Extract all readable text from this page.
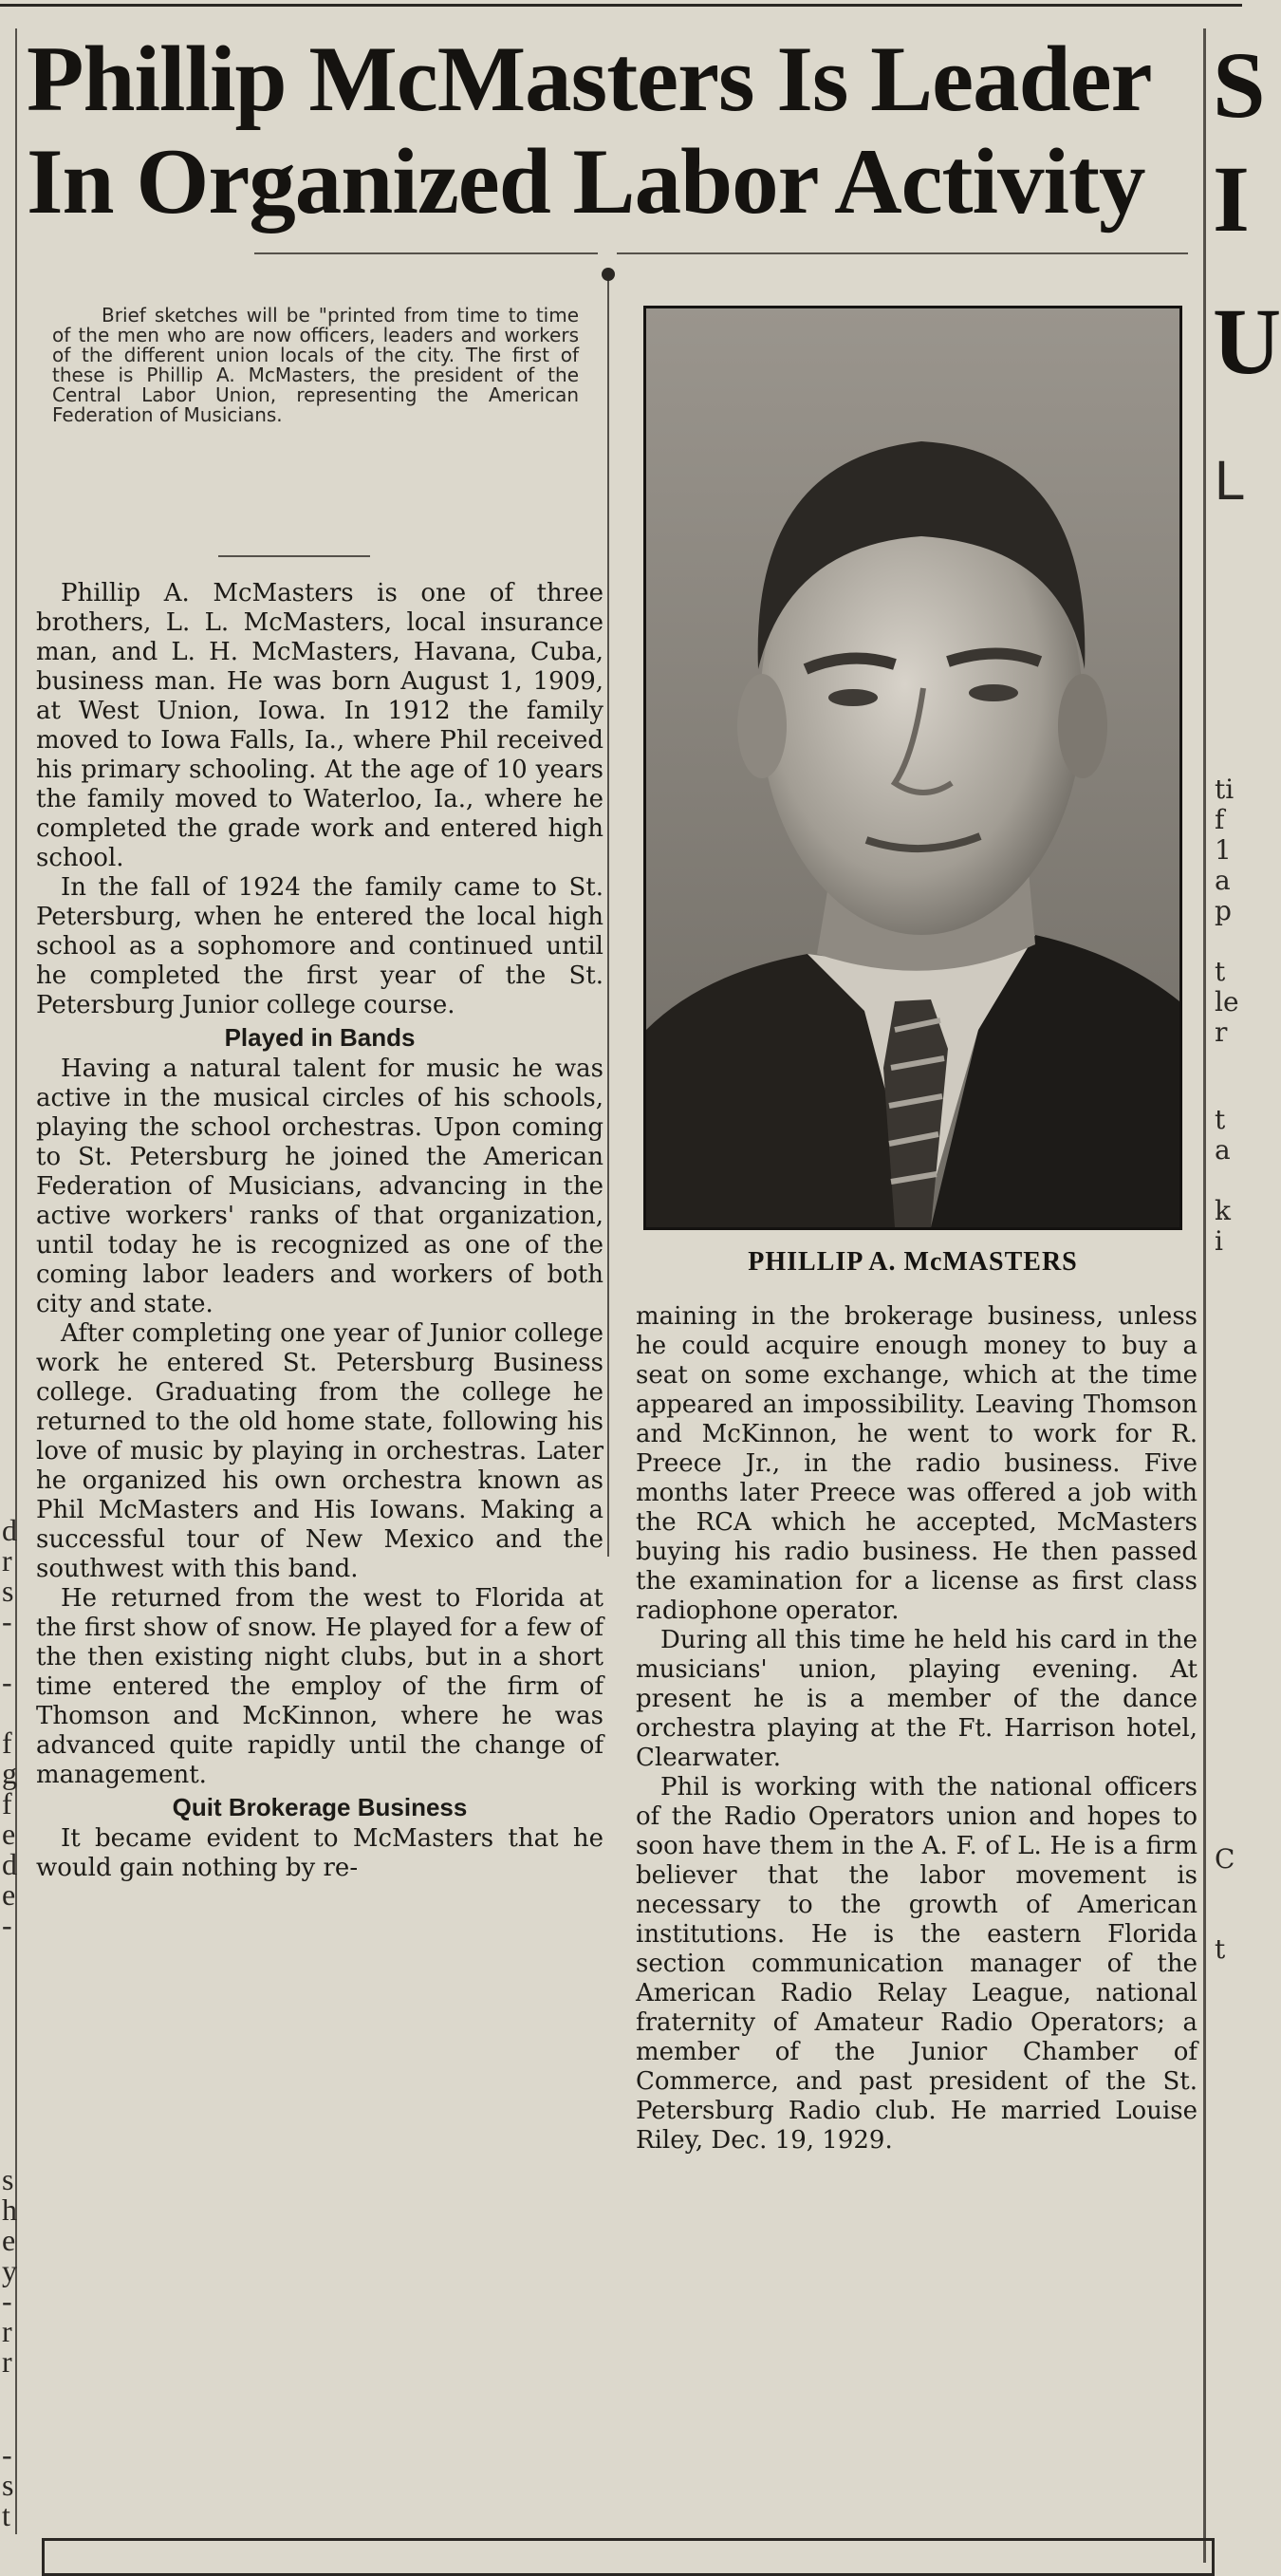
d
r
s
-
-
f
g
f
e
d
e
-
s
h
e
y
-
r
r
-
s
t
S
I
U
L
ti
f
1
a
p
t
le
r
t
a
k
i
C
t
Phillip McMasters Is Leader
In Organized Labor Activity

Brief sketches will be "printed from time to time of the men who are now officers, leaders and workers of the different union locals of the city. The first of these is Phillip A. McMasters, the president of the Central Labor Union, representing the American Federation of Musicians.

Phillip A. McMasters is one of three brothers, L. L. McMasters, local insurance man, and L. H. McMasters, Havana, Cuba, business man. He was born August 1, 1909, at West Union, Iowa. In 1912 the family moved to Iowa Falls, Ia., where Phil received his primary schooling. At the age of 10 years the family moved to Waterloo, Ia., where he completed the grade work and entered high school.

In the fall of 1924 the family came to St. Petersburg, when he entered the local high school as a sophomore and continued until he completed the first year of the St. Petersburg Junior college course.

Played in Bands

Having a natural talent for music he was active in the musical circles of his schools, playing the school orchestras. Upon coming to St. Petersburg he joined the American Federation of Musicians, advancing in the active workers' ranks of that organization, until today he is recognized as one of the coming labor leaders and workers of both city and state.

After completing one year of Junior college work he entered St. Petersburg Business college. Graduating from the college he returned to the old home state, following his love of music by playing in orchestras. Later he organized his own orchestra known as Phil McMasters and His Iowans. Making a successful tour of New Mexico and the southwest with this band.

He returned from the west to Florida at the first show of snow. He played for a few of the then existing night clubs, but in a short time entered the employ of the firm of Thomson and McKinnon, where he was advanced quite rapidly until the change of management.

Quit Brokerage Business

It became evident to McMasters that he would gain nothing by re-

PHILLIP A. McMASTERS

maining in the brokerage business, unless he could acquire enough money to buy a seat on some exchange, which at the time appeared an impossibility. Leaving Thomson and McKinnon, he went to work for R. Preece Jr., in the radio business. Five months later Preece was offered a job with the RCA which he accepted, McMasters buying his radio business. He then passed the examination for a license as first class radiophone operator.

During all this time he held his card in the musicians' union, playing evening. At present he is a member of the dance orchestra playing at the Ft. Harrison hotel, Clearwater.

Phil is working with the national officers of the Radio Operators union and hopes to soon have them in the A. F. of L. He is a firm believer that the labor movement is necessary to the growth of American institutions. He is the eastern Florida section communication manager of the American Radio Relay League, national fraternity of Amateur Radio Operators; a member of the Junior Chamber of Commerce, and past president of the St. Petersburg Radio club. He married Louise Riley, Dec. 19, 1929.
